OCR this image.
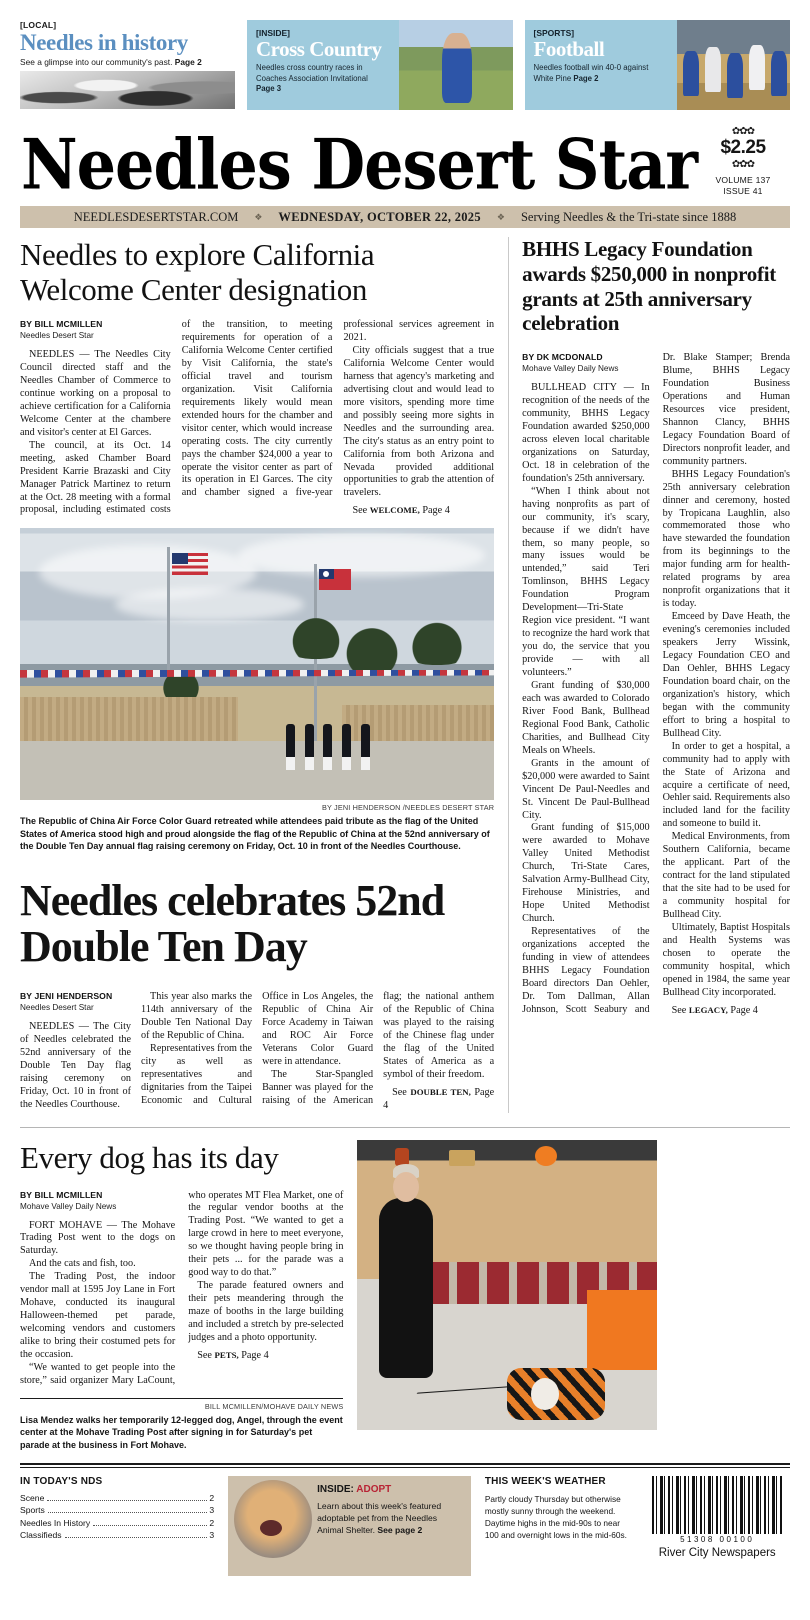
[LOCAL]
Needles in history
See a glimpse into our community's past. Page 2
[INSIDE]
Cross Country
Needles cross country races in Coaches Association Invitational
Page 3
[SPORTS]
Football
Needles football win 40-0 against White Pine Page 2
Needles Desert Star	✿✿✿
$2.25
✿✿✿
VOLUME 137
ISSUE 41
NEEDLESDESERTSTAR.COM ❖ WEDNESDAY, OCTOBER 22, 2025 ❖ Serving Needles & the Tri-state since 1888
Needles to explore California Welcome Center designation
BY BILL MCMILLEN
Needles Desert Star

NEEDLES — The Needles City Council directed staff and the Needles Chamber of Commerce to continue working on a proposal to achieve certification for a California Welcome Center at the chambere and visitor's center at El Garces.

The council, at its Oct. 14 meeting, asked Chamber Board President Karrie Brazaski and City Manager Patrick Martinez to return at the Oct. 28 meeting with a formal proposal, including estimated costs of the transition, to meeting requirements for operation of a California Welcome Center certified by Visit California, the state's official travel and tourism organization. Visit California requirements likely would mean extended hours for the chamber and visitor center, which would increase operating costs. The city currently pays the chamber $24,000 a year to operate the visitor center as part of its operation in El Garces. The city and chamber signed a five-year professional services agreement in 2021.

City officials suggest that a true California Welcome Center would harness that agency's marketing and advertising clout and would lead to more visitors, spending more time and possibly seeing more sights in Needles and the surrounding area. The city's status as an entry point to California from both Arizona and Nevada provided additional opportunities to grab the attention of travelers.

See WELCOME, Page 4

BY JENI HENDERSON /NEEDLES DESERT STAR
The Republic of China Air Force Color Guard retreated while attendees paid tribute as the flag of the United States of America stood high and proud alongside the flag of the Republic of China at the 52nd anniversary of the Double Ten Day annual flag raising ceremony on Friday, Oct. 10 in front of the Needles Courthouse.
Needles celebrates 52nd Double Ten Day
BY JENI HENDERSON
Needles Desert Star

NEEDLES — The City of Needles celebrated the 52nd anniversary of the Double Ten Day flag raising ceremony on Friday, Oct. 10 in front of the Needles Courthouse.

This year also marks the 114th anniversary of the Double Ten National Day of the Republic of China.

Representatives from the city as well as representatives and dignitaries from the Taipei Economic and Cultural Office in Los Angeles, the Republic of China Air Force Academy in Taiwan and ROC Air Force Veterans Color Guard were in attendance.

The Star-Spangled Banner was played for the raising of the American flag; the national anthem of the Republic of China was played to the raising of the Chinese flag under the flag of the United States of America as a symbol of their freedom.

See DOUBLE TEN, Page 4

BHHS Legacy Foundation awards $250,000 in nonprofit grants at 25th anniversary celebration
BY DK MCDONALD
Mohave Valley Daily News

BULLHEAD CITY — In recognition of the needs of the community, BHHS Legacy Foundation awarded $250,000 across eleven local charitable organizations on Saturday, Oct. 18 in celebration of the foundation's 25th anniversary.

“When I think about not having nonprofits as part of our community, it's scary, because if we didn't have them, so many people, so many issues would be untended,” said Teri Tomlinson, BHHS Legacy Foundation Program Development—Tri-State Region vice president. “I want to recognize the hard work that you do, the service that you provide — with all volunteers.”

Grant funding of $30,000 each was awarded to Colorado River Food Bank, Bullhead Regional Food Bank, Catholic Charities, and Bullhead City Meals on Wheels.

Grants in the amount of $20,000 were awarded to Saint Vincent De Paul-Needles and St. Vincent De Paul-Bullhead City.

Grant funding of $15,000 were awarded to Mohave Valley United Methodist Church, Tri-State Cares, Salvation Army-Bullhead City, Firehouse Ministries, and Hope United Methodist Church.

Representatives of the organizations accepted the funding in view of attendees BHHS Legacy Foundation Board directors Dan Oehler, Dr. Tom Dallman, Allan Johnson, Scott Seabury and Dr. Blake Stamper; Brenda Blume, BHHS Legacy Foundation Business Operations and Human Resources vice president, Shannon Clancy, BHHS Legacy Foundation Board of Directors nonprofit leader, and community partners.

BHHS Legacy Foundation's 25th anniversary celebration dinner and ceremony, hosted by Tropicana Laughlin, also commemorated those who have stewarded the foundation from its beginnings to the major funding arm for health-related programs by area nonprofit organizations that it is today.

Emceed by Dave Heath, the evening's ceremonies included speakers Jerry Wissink, Legacy Foundation CEO and Dan Oehler, BHHS Legacy Foundation board chair, on the organization's history, which began with the community effort to bring a hospital to Bullhead City.

In order to get a hospital, a community had to apply with the State of Arizona and acquire a certificate of need, Oehler said. Requirements also included land for the facility and someone to build it.

Medical Environments, from Southern California, became the applicant. Part of the contract for the land stipulated that the site had to be used for a community hospital for Bullhead City.

Ultimately, Baptist Hospitals and Health Systems was chosen to operate the community hospital, which opened in 1984, the same year Bullhead City incorporated.

See LEGACY, Page 4

Every dog has its day
BY BILL MCMILLEN
Mohave Valley Daily News

FORT MOHAVE — The Mohave Trading Post went to the dogs on Saturday.

And the cats and fish, too.

The Trading Post, the indoor vendor mall at 1595 Joy Lane in Fort Mohave, conducted its inaugural Halloween-themed pet parade, welcoming vendors and customers alike to bring their costumed pets for the occasion.

“We wanted to get people into the store,” said organizer Mary LaCount, who operates MT Flea Market, one of the regular vendor booths at the Trading Post. “We wanted to get a large crowd in here to meet everyone, so we thought having people bring in their pets ... for the parade was a good way to do that.”

The parade featured owners and their pets meandering through the maze of booths in the large building and included a stretch by pre-selected judges and a photo opportunity.

See PETS, Page 4

BILL MCMILLEN/MOHAVE DAILY NEWS
Lisa Mendez walks her temporarily 12-legged dog, Angel, through the event center at the Mohave Trading Post after signing in for Saturday's pet parade at the business in Fort Mohave.
IN TODAY'S NDS
Scene	2
Sports	3
Needles In History	2
Classifieds	3
INSIDE: ADOPT
Learn about this week's featured adoptable pet from the Needles Animal Shelter. See page 2
THIS WEEK'S WEATHER
Partly cloudy Thursday but otherwise mostly sunny through the weekend. Daytime highs in the mid-90s to near 100 and overnight lows in the mid-60s.	51308 00100
River City Newspapers
